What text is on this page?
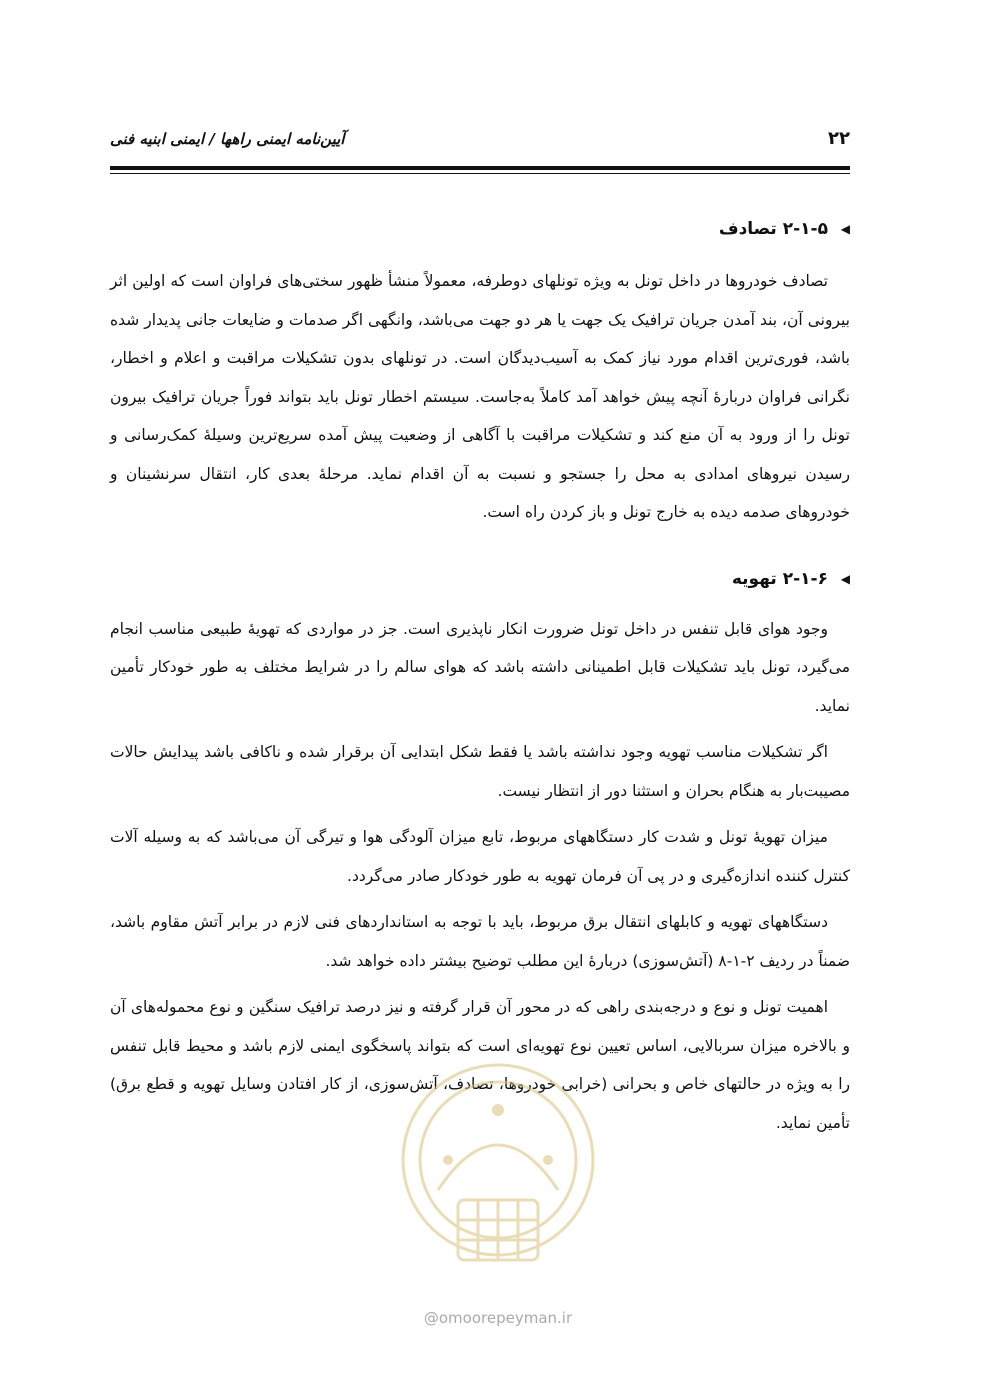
۲۲
آیین‌نامه ایمنی راهها / ایمنی ابنیه فنی
◀
۲-۱-۵ تصادف

تصادف خودروها در داخل تونل به ویژه تونلهای دوطرفه، معمولاً منشأ ظهور سختی‌های فراوان است که اولین اثر بیرونی آن، بند آمدن جریان ترافیک یک جهت یا هر دو جهت می‌باشد، وانگهی اگر صدمات و ضایعات جانی پدیدار شده باشد، فوری‌ترین اقدام مورد نیاز کمک به آسیب‌دیدگان است. در تونلهای بدون تشکیلات مراقبت و اعلام و اخطار، نگرانی فراوان دربارهٔ آنچه پیش خواهد آمد کاملاً به‌جاست. سیستم اخطار تونل باید بتواند فوراً جریان ترافیک بیرون تونل را از ورود به آن منع کند و تشکیلات مراقبت با آگاهی از وضعیت پیش آمده سریع‌ترین وسیلهٔ کمک‌رسانی و رسیدن نیروهای امدادی به محل را جستجو و نسبت به آن اقدام نماید. مرحلهٔ بعدی کار، انتقال سرنشینان و خودروهای صدمه دیده به خارج تونل و باز کردن راه است.

◀
۲-۱-۶ تهویه

وجود هوای قابل تنفس در داخل تونل ضرورت انکار ناپذیری است. جز در مواردی که تهویهٔ طبیعی مناسب انجام می‌گیرد، تونل باید تشکیلات قابل اطمینانی داشته باشد که هوای سالم را در شرایط مختلف به طور خودکار تأمین نماید.

اگر تشکیلات مناسب تهویه وجود نداشته باشد یا فقط شکل ابتدایی آن برقرار شده و ناکافی باشد پیدایش حالات مصیبت‌بار به هنگام بحران و استثنا دور از انتظار نیست.

میزان تهویهٔ تونل و شدت کار دستگاههای مربوط، تابع میزان آلودگی هوا و تیرگی آن می‌باشد که به وسیله آلات کنترل کننده اندازه‌گیری و در پی آن فرمان تهویه به طور خودکار صادر می‌گردد.

دستگاههای تهویه و کابلهای انتقال برق مربوط، باید با توجه به استانداردهای فنی لازم در برابر آتش مقاوم باشد، ضمناً در ردیف ۲-۱-۸ (آتش‌سوزی) دربارهٔ این مطلب توضیح بیشتر داده خواهد شد.

اهمیت تونل و نوع و درجه‌بندی راهی که در محور آن قرار گرفته و نیز درصد ترافیک سنگین و نوع محموله‌های آن و بالاخره میزان سربالایی، اساس تعیین نوع تهویه‌ای است که بتواند پاسخگوی ایمنی لازم باشد و محیط قابل تنفس را به ویژه در حالتهای خاص و بحرانی (خرابی خودروها، تصادف، آتش‌سوزی، از کار افتادن وسایل تهویه و قطع برق) تأمین نماید.

@omoorepeyman.ir
